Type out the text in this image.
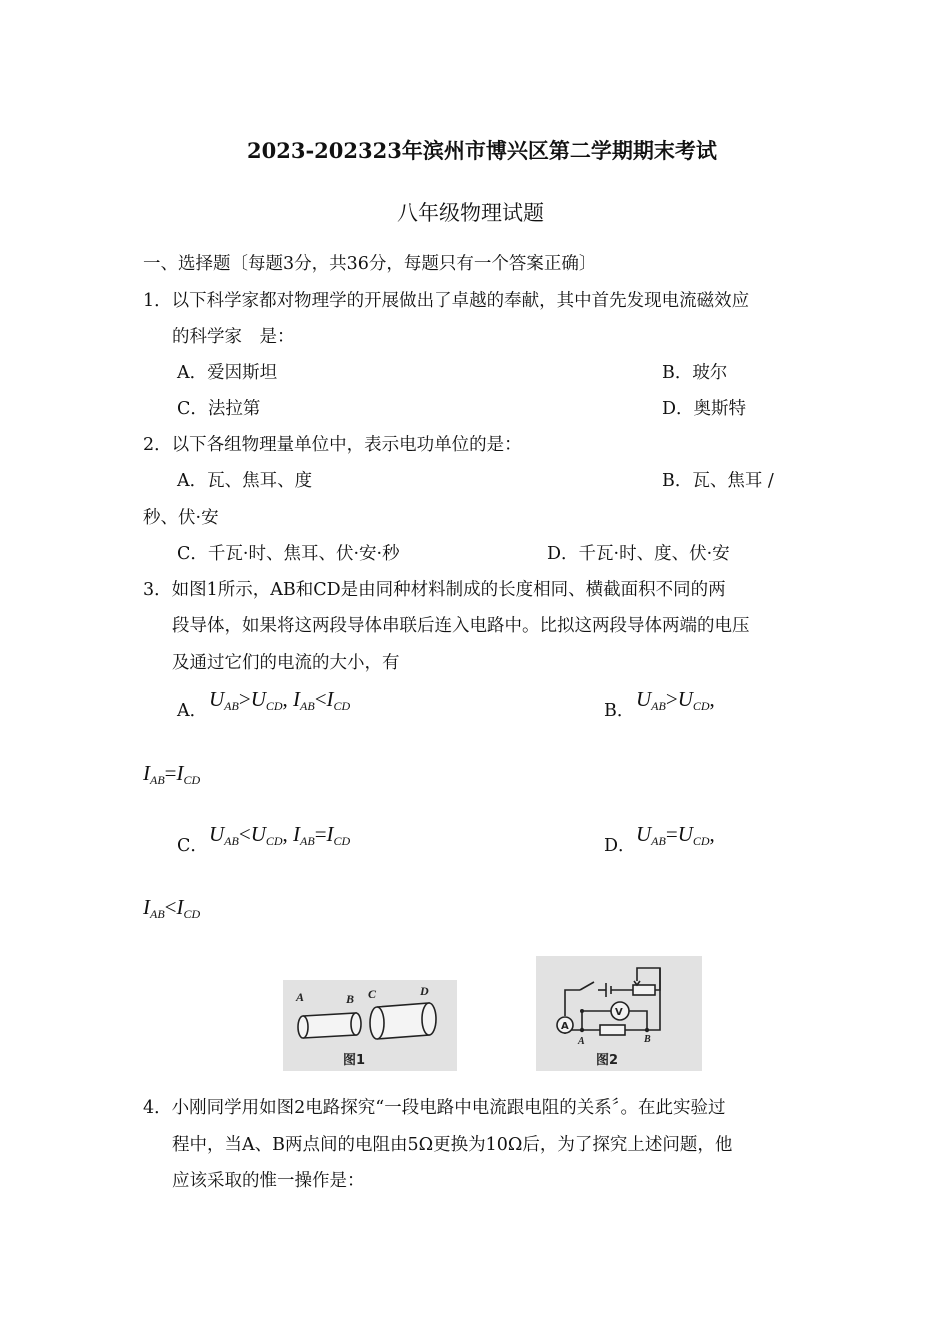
2023-202323年滨州市博兴区第二学期期末考试
八年级物理试题
一、选择题〔每题3分，共36分，每题只有一个答案正确〕
1．以下科学家都对物理学的开展做出了卓越的奉献，其中首先发现电流磁效应
的科学家　是：
A．爱因斯坦	B．玻尔
C．法拉第	D．奥斯特
2．以下各组物理量单位中，表示电功单位的是：
A．瓦、焦耳、度	B．瓦、焦耳 /
秒、伏·安
C．千瓦·时、焦耳、伏·安·秒	D．千瓦·时、度、伏·安
3．如图1所示，AB和CD是由同种材料制成的长度相同、横截面积不同的两
段导体，如果将这两段导体串联后连入电路中。比拟这两段导体两端的电压
及通过它们的电流的大小，有
A． $U_{AB}>U_{CD}$, $I_{AB}<I_{CD}$	B． $U_{AB}>U_{CD}$,
$I_{AB}=I_{CD}$
C． $U_{AB}<U_{CD}$, $I_{AB}=I_{CD}$	D． $U_{AB}=U_{CD}$,
$I_{AB}<I_{CD}$
A	B C	D
图1
V
A
A	B
图2
4．小刚同学用如图2电路探究“一段电路中电流跟电阻的关系〞。在此实验过
程中，当A、B两点间的电阻由5Ω更换为10Ω后，为了探究上述问题，他
应该采取的惟一操作是：
